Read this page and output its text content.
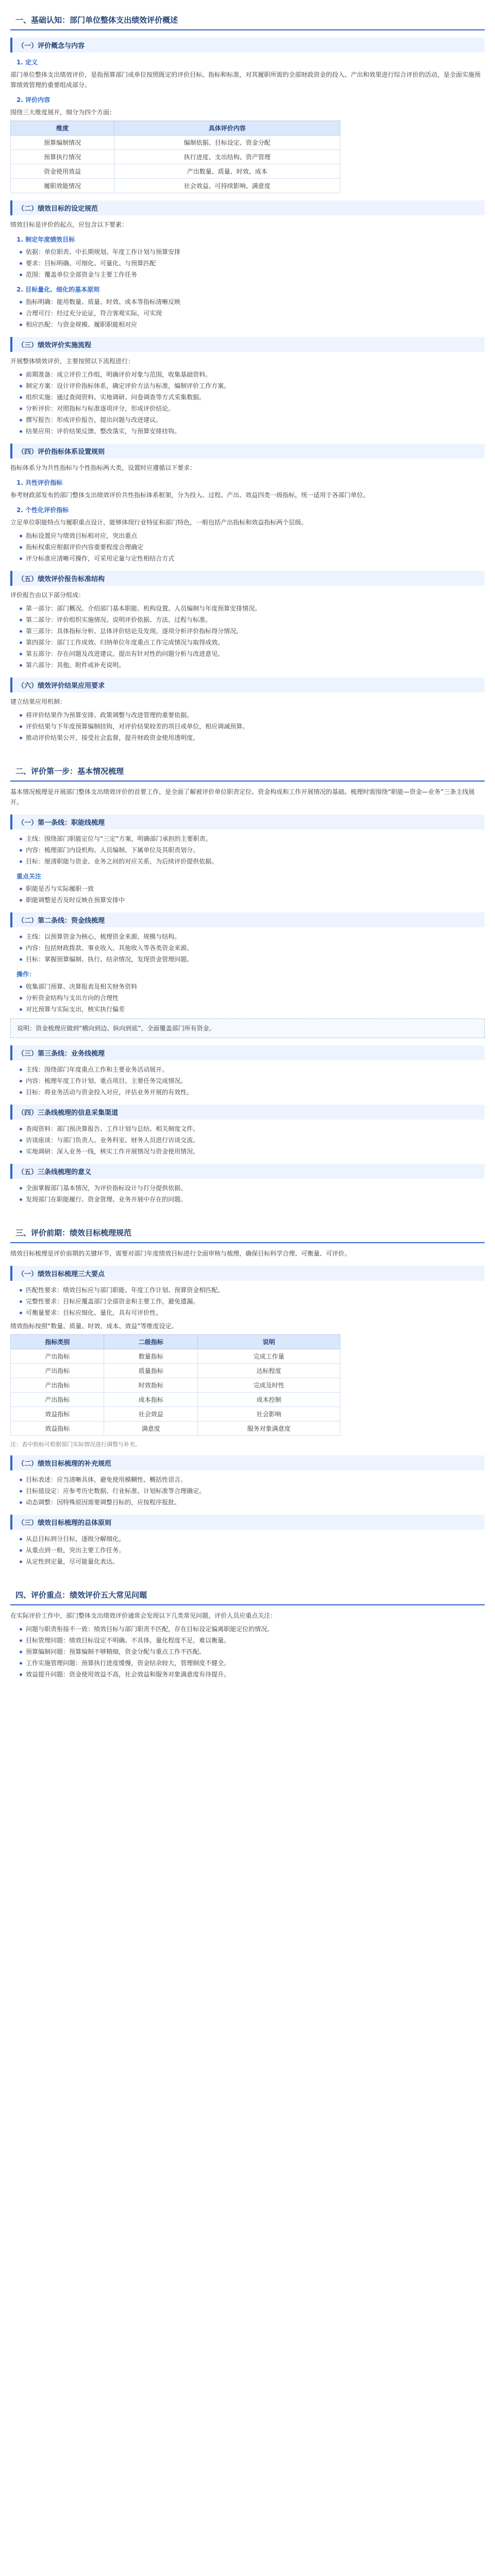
一、基础认知：部门单位整体支出绩效评价概述
（一）评价概念与内容
1. 定义

部门单位整体支出绩效评价，是指预算部门或单位按照既定的评价目标、指标和标准，对其履职所需的全部财政资金的投入、产出和效果进行综合评价的活动，是全面实施预算绩效管理的重要组成部分。

2. 评价内容

围绕三大维度展开，细分为四个方面：

维度	具体评价内容
预算编制情况	编制依据、目标设定、资金分配
预算执行情况	执行进度、支出结构、资产管理
资金使用效益	产出数量、质量、时效、成本
履职效能情况	社会效益、可持续影响、满意度
（二）绩效目标的设定规范

绩效目标是评价的起点，应包含以下要素：

1. 制定年度绩效目标
依据：单位职责、中长期规划、年度工作计划与预算安排
要求：目标明确、可细化、可量化、与预算匹配
范围：覆盖单位全部资金与主要工作任务
2. 目标量化、细化的基本原则
指标明确：能用数量、质量、时效、成本等指标清晰反映
合理可行：经过充分论证，符合客观实际，可实现
相应匹配：与资金规模、履职职能相对应
（三）绩效评价实施流程

开展整体绩效评价，主要按照以下流程进行：

前期准备：成立评价工作组，明确评价对象与范围，收集基础资料。
制定方案：设计评价指标体系，确定评价方法与标准，编制评价工作方案。
组织实施：通过查阅资料、实地调研、问卷调查等方式采集数据。
分析评价：对照指标与标准逐项评分，形成评价结论。
撰写报告：形成评价报告，提出问题与改进建议。
结果应用：评价结果反馈、整改落实，与预算安排挂钩。
（四）评价指标体系设置规则

指标体系分为共性指标与个性指标两大类，设置时应遵循以下要求：

1. 共性评价指标

参考财政部发布的部门整体支出绩效评价共性指标体系框架，分为投入、过程、产出、效益四类一级指标，统一适用于各部门单位。

2. 个性化评价指标

立足单位职能特点与履职重点设计，能够体现行业特征和部门特色，一般包括产出指标和效益指标两个层级。

指标设置应与绩效目标相对应，突出重点
指标权重应根据评价内容重要程度合理确定
评分标准应清晰可操作，可采用定量与定性相结合方式
（五）绩效评价报告标准结构

评价报告由以下部分组成：

第一部分：部门概况。介绍部门基本职能、机构设置、人员编制与年度预算安排情况。
第二部分：评价组织实施情况。说明评价依据、方法、过程与标准。
第三部分：具体指标分析、总体评价结论及发现。逐项分析评价指标得分情况。
第四部分：部门工作成效。归纳单位年度重点工作完成情况与取得成效。
第五部分：存在问题及改进建议。提出有针对性的问题分析与改进意见。
第六部分：其他。附件或补充说明。
（六）绩效评价结果应用要求

建立结果应用机制：

将评价结果作为预算安排、政策调整与改进管理的重要依据。
评价结果与下年度预算编制挂钩，对评价结果较差的项目或单位，相应调减预算。
推动评价结果公开，接受社会监督，提升财政资金使用透明度。
二、评价第一步：基本情况梳理

基本情况梳理是开展部门整体支出绩效评价的首要工作，是全面了解被评价单位职责定位、资金构成和工作开展情况的基础。梳理时需围绕“职能—资金—业务”三条主线展开。

（一）第一条线：职能线梳理
主线：围绕部门职能定位与“三定”方案，明确部门承担的主要职责。
内容：梳理部门内设机构、人员编制、下属单位及其职责划分。
目标：厘清职能与资金、业务之间的对应关系，为后续评价提供依据。
重点关注
职能是否与实际履职一致
职能调整是否及时反映在预算安排中
（二）第二条线：资金线梳理
主线：以预算资金为核心，梳理资金来源、规模与结构。
内容：包括财政拨款、事业收入、其他收入等各类资金来源。
目标：掌握预算编制、执行、结余情况，发现资金管理问题。
操作：
收集部门预算、决算报表及相关财务资料
分析资金结构与支出方向的合理性
对比预算与实际支出，核实执行偏差
说明：资金梳理应做到“横向到边、纵向到底”，全面覆盖部门所有资金。
（三）第三条线：业务线梳理
主线：围绕部门年度重点工作和主要业务活动展开。
内容：梳理年度工作计划、重点项目、主要任务完成情况。
目标：将业务活动与资金投入对应，评估业务开展的有效性。
（四）三条线梳理的信息采集渠道
查阅资料：部门预决算报告、工作计划与总结、相关制度文件。
访谈座谈：与部门负责人、业务科室、财务人员进行访谈交流。
实地调研：深入业务一线，核实工作开展情况与资金使用情况。
（五）三条线梳理的意义
全面掌握部门基本情况，为评价指标设计与打分提供依据。
发现部门在职能履行、资金管理、业务开展中存在的问题。
三、评价前期：绩效目标梳理规范

绩效目标梳理是评价前期的关键环节，需要对部门年度绩效目标进行全面审核与梳理，确保目标科学合理、可衡量、可评价。

（一）绩效目标梳理三大要点
匹配性要求：绩效目标应与部门职能、年度工作计划、预算资金相匹配。
完整性要求：目标应覆盖部门全部资金和主要工作，避免遗漏。
可衡量要求：目标应细化、量化，具有可评价性。

绩效指标按照“数量、质量、时效、成本、效益”等维度设定。

指标类别	二级指标	说明
产出指标	数量指标	完成工作量
产出指标	质量指标	达标程度
产出指标	时效指标	完成及时性
产出指标	成本指标	成本控制
效益指标	社会效益	社会影响
效益指标	满意度	服务对象满意度

注：表中指标可根据部门实际情况进行调整与补充。

（二）绩效目标梳理的补充规范
目标表述：应当清晰具体，避免使用模糊性、概括性语言。
目标值设定：应参考历史数据、行业标准、计划标准等合理确定。
动态调整：因特殊原因需要调整目标的，应按程序报批。
（三）绩效目标梳理的总体原则
从总目标到分目标，逐级分解细化。
从重点到一般，突出主要工作任务。
从定性到定量，尽可能量化表达。
四、评价重点：绩效评价五大常见问题

在实际评价工作中，部门整体支出绩效评价通常会发现以下几类常见问题，评价人员应重点关注：

问题与职责衔接不一致：绩效目标与部门职责不匹配，存在目标设定偏离职能定位的情况。
目标管理问题：绩效目标设定不明确、不具体，量化程度不足，难以衡量。
预算编制问题：预算编制不够精细，资金分配与重点工作不匹配。
工作实施管理问题：预算执行进度缓慢，资金结余较大，管理制度不健全。
效益提升问题：资金使用效益不高，社会效益和服务对象满意度有待提升。
